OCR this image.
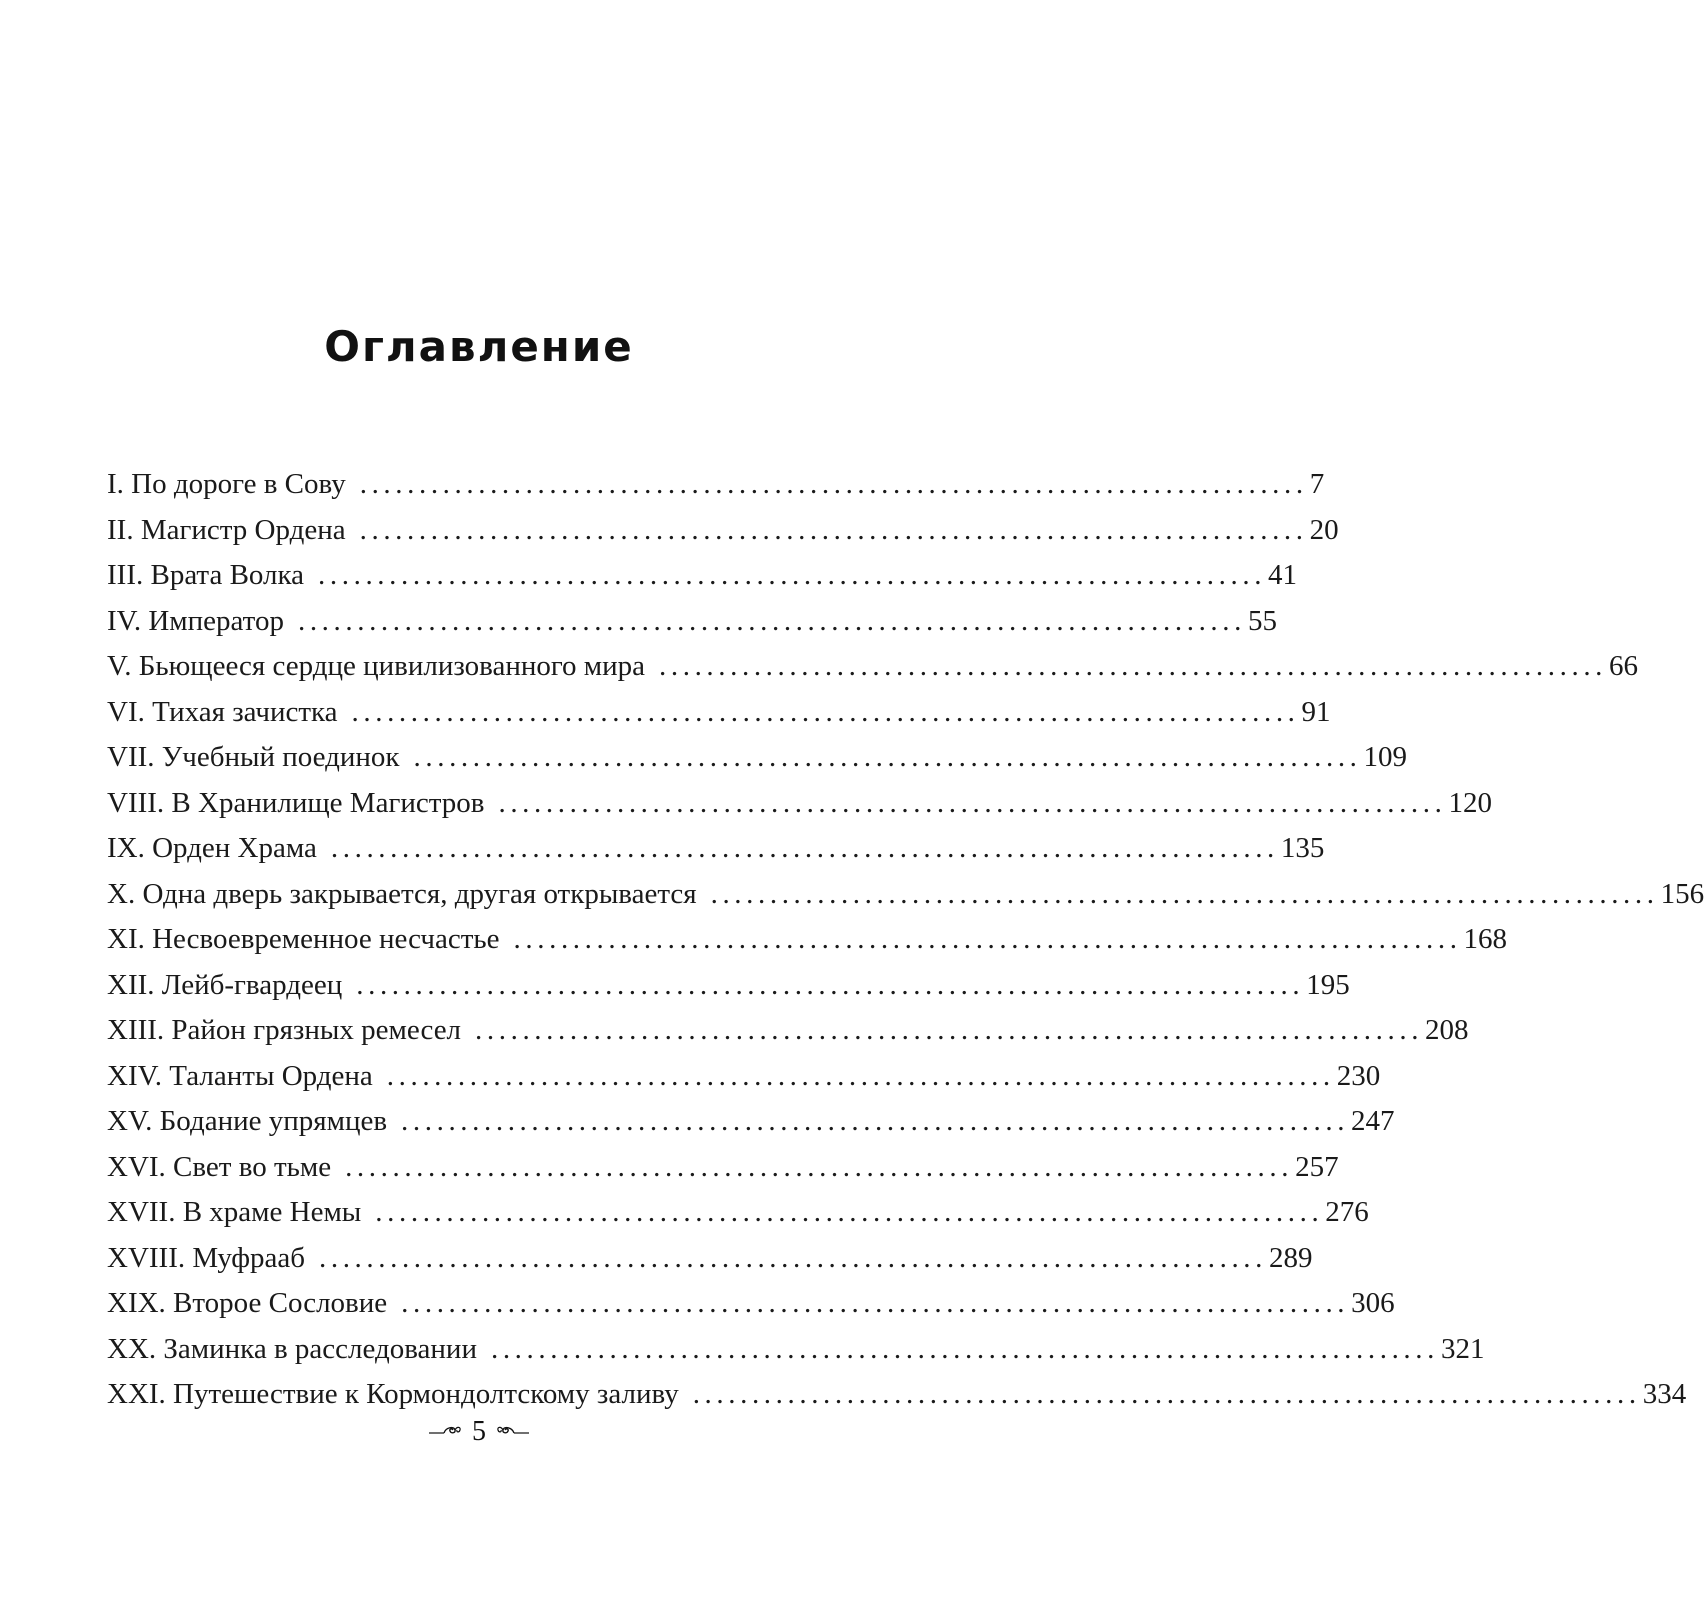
Оглавление
I. По дороге в Сову ................................................................................ 7
II. Магистр Ордена ................................................................................ 20
III. Врата Волка ................................................................................ 41
IV. Император ................................................................................ 55
V. Бьющееся сердце цивилизованного мира ................................................................................ 66
VI. Тихая зачистка ................................................................................ 91
VII. Учебный поединок ................................................................................ 109
VIII. В Хранилище Магистров ................................................................................ 120
IX. Орден Храма ................................................................................ 135
X. Одна дверь закрывается, другая открывается ................................................................................ 156
XI. Несвоевременное несчастье ................................................................................ 168
XII. Лейб-гвардеец ................................................................................ 195
XIII. Район грязных ремесел ................................................................................ 208
XIV. Таланты Ордена ................................................................................ 230
XV. Бодание упрямцев ................................................................................ 247
XVI. Свет во тьме ................................................................................ 257
XVII. В храме Немы ................................................................................ 276
XVIII. Муфрааб ................................................................................ 289
XIX. Второе Сословие ................................................................................ 306
XX. Заминка в расследовании ................................................................................ 321
XXI. Путешествие к Кормондолтскому заливу ................................................................................ 334
5
